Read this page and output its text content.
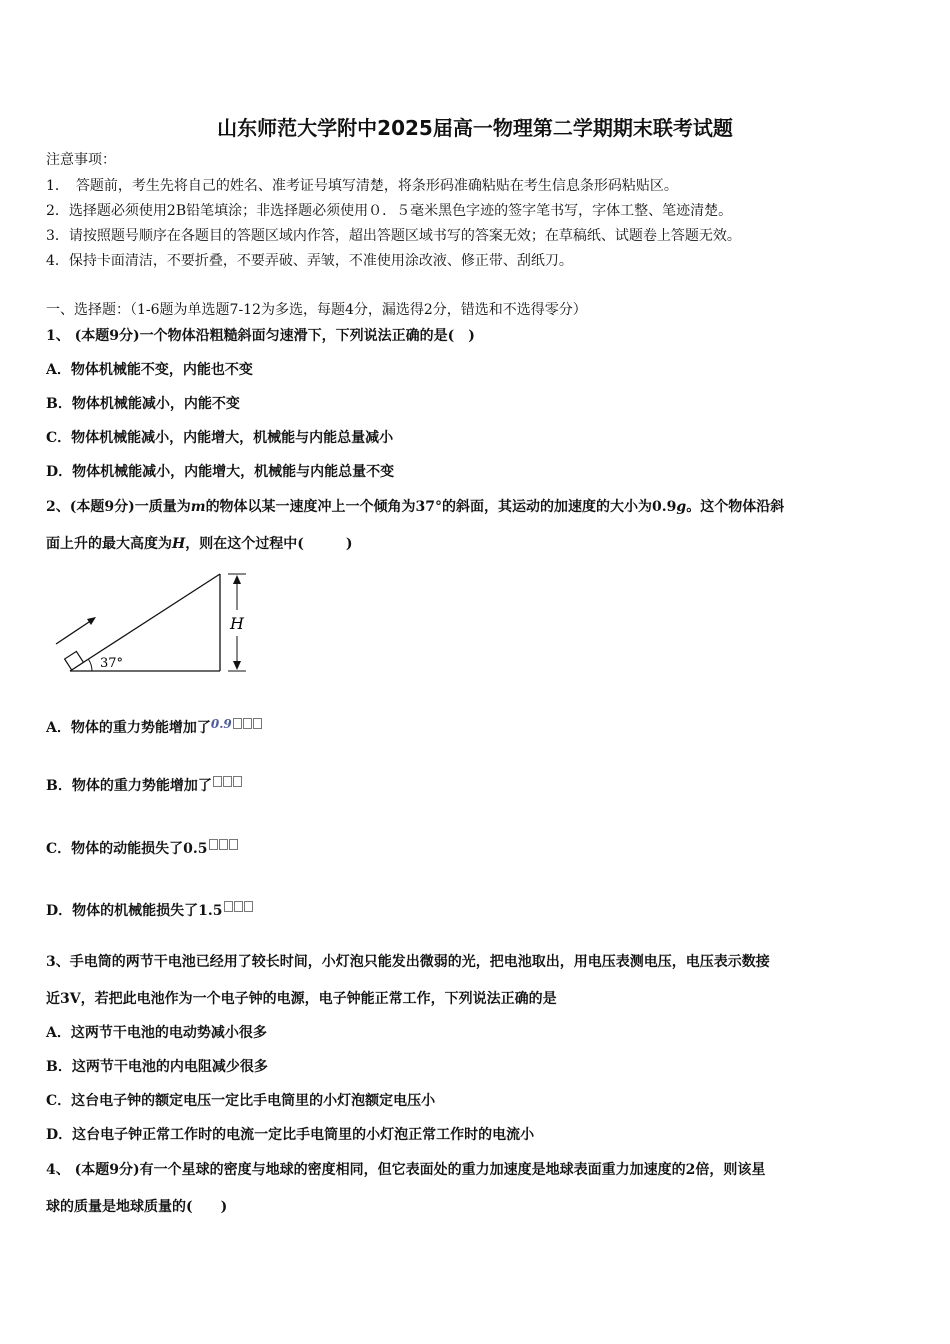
山东师范大学附中2025届高一物理第二学期期末联考试题
注意事项：
1．　答题前，考生先将自己的姓名、准考证号填写清楚，将条形码准确粘贴在考生信息条形码粘贴区。
2．选择题必须使用2B铅笔填涂；非选择题必须使用０．５毫米黑色字迹的签字笔书写，字体工整、笔迹清楚。
3．请按照题号顺序在各题目的答题区域内作答，超出答题区域书写的答案无效；在草稿纸、试题卷上答题无效。
4．保持卡面清洁，不要折叠，不要弄破、弄皱，不准使用涂改液、修正带、刮纸刀。
一、选择题：（1-6题为单选题7-12为多选，每题4分，漏选得2分，错选和不选得零分）
1、 (本题9分)一个物体沿粗糙斜面匀速滑下，下列说法正确的是(　)
A．物体机械能不变，内能也不变
B．物体机械能减小，内能不变
C．物体机械能减小，内能增大，机械能与内能总量减小
D．物体机械能减小，内能增大，机械能与内能总量不变
2、(本题9分)一质量为m的物体以某一速度冲上一个倾角为37°的斜面，其运动的加速度的大小为0.9g。这个物体沿斜
面上升的最大高度为H，则在这个过程中(　　　)
37°
H
A．物体的重力势能增加了0.9
B．物体的重力势能增加了
C．物体的动能损失了0.5
D．物体的机械能损失了1.5
3、手电筒的两节干电池已经用了较长时间，小灯泡只能发出微弱的光，把电池取出，用电压表测电压，电压表示数接
近3V，若把此电池作为一个电子钟的电源，电子钟能正常工作，下列说法正确的是
A．这两节干电池的电动势减小很多
B．这两节干电池的内电阻减少很多
C．这台电子钟的额定电压一定比手电筒里的小灯泡额定电压小
D．这台电子钟正常工作时的电流一定比手电筒里的小灯泡正常工作时的电流小
4、 (本题9分)有一个星球的密度与地球的密度相同，但它表面处的重力加速度是地球表面重力加速度的2倍，则该星
球的质量是地球质量的(　　)
